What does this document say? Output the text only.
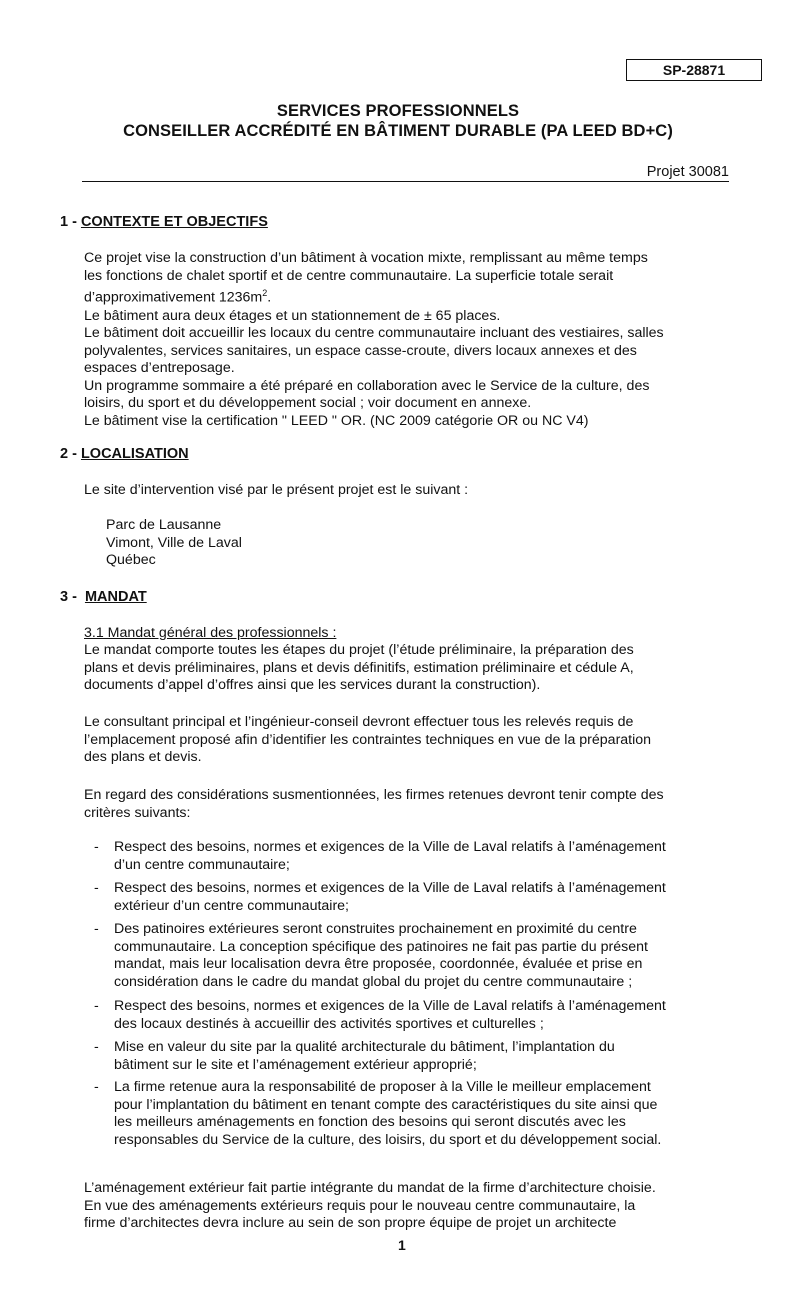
SP-28871
SERVICES PROFESSIONNELS
CONSEILLER ACCRÉDITÉ EN BÂTIMENT DURABLE (PA LEED BD+C)
Projet 30081
1 - CONTEXTE ET OBJECTIFS
Ce projet vise la construction d’un bâtiment à vocation mixte, remplissant au même temps
les fonctions de chalet sportif et de centre communautaire. La superficie totale serait
d’approximativement $1236m^2$.
Le bâtiment aura deux étages et un stationnement de ± 65 places.
Le bâtiment doit accueillir les locaux du centre communautaire incluant des vestiaires, salles
polyvalentes, services sanitaires, un espace casse-croute, divers locaux annexes et des
espaces d’entreposage.
Un programme sommaire a été préparé en collaboration avec le Service de la culture, des
loisirs, du sport et du développement social ; voir document en annexe.
Le bâtiment vise la certification " LEED " OR. (NC 2009 catégorie OR ou NC V4)
2 - LOCALISATION
Le site d’intervention visé par le présent projet est le suivant :
Parc de Lausanne
Vimont, Ville de Laval
Québec
3 - MANDAT
3.1 Mandat général des professionnels :
Le mandat comporte toutes les étapes du projet (l’étude préliminaire, la préparation des
plans et devis préliminaires, plans et devis définitifs, estimation préliminaire et cédule A,
documents d’appel d’offres ainsi que les services durant la construction).
Le consultant principal et l’ingénieur-conseil devront effectuer tous les relevés requis de
l’emplacement proposé afin d’identifier les contraintes techniques en vue de la préparation
des plans et devis.
En regard des considérations susmentionnées, les firmes retenues devront tenir compte des
critères suivants:
-	Respect des besoins, normes et exigences de la Ville de Laval relatifs à l’aménagement
d’un centre communautaire;
-	Respect des besoins, normes et exigences de la Ville de Laval relatifs à l’aménagement
extérieur d’un centre communautaire;
-	Des patinoires extérieures seront construites prochainement en proximité du centre
communautaire. La conception spécifique des patinoires ne fait pas partie du présent
mandat, mais leur localisation devra être proposée, coordonnée, évaluée et prise en
considération dans le cadre du mandat global du projet du centre communautaire ;
-	Respect des besoins, normes et exigences de la Ville de Laval relatifs à l’aménagement
des locaux destinés à accueillir des activités sportives et culturelles ;
-	Mise en valeur du site par la qualité architecturale du bâtiment, l’implantation du
bâtiment sur le site et l’aménagement extérieur approprié;
-	La firme retenue aura la responsabilité de proposer à la Ville le meilleur emplacement
pour l’implantation du bâtiment en tenant compte des caractéristiques du site ainsi que
les meilleurs aménagements en fonction des besoins qui seront discutés avec les
responsables du Service de la culture, des loisirs, du sport et du développement social.
L’aménagement extérieur fait partie intégrante du mandat de la firme d’architecture choisie.
En vue des aménagements extérieurs requis pour le nouveau centre communautaire, la
firme d’architectes devra inclure au sein de son propre équipe de projet un architecte
1
